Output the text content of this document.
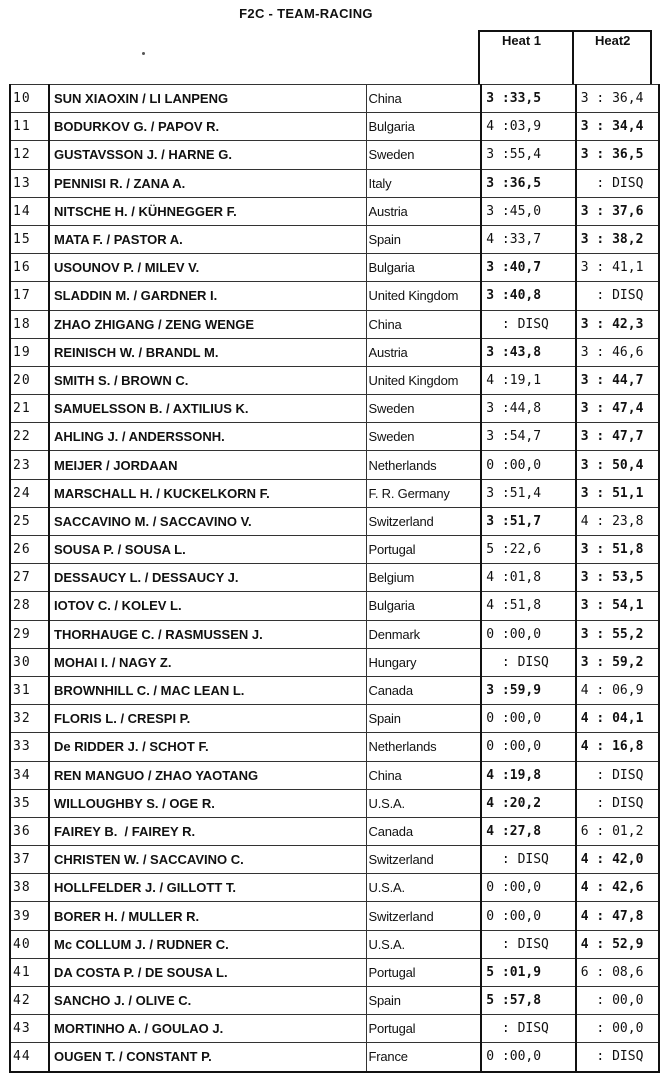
F2C - TEAM-RACING
Heat 1	Heat2
10	SUN XIAOXIN / LI LANPENG	China	3 :33,5	3 : 36,4
11	BODURKOV G. / PAPOV R.	Bulgaria	4 :03,9	3 : 34,4
12	GUSTAVSSON J. / HARNE G.	Sweden	3 :55,4	3 : 36,5
13	PENNISI R. / ZANA A.	Italy	3 :36,5	: DISQ
14	NITSCHE H. / KÜHNEGGER F.	Austria	3 :45,0	3 : 37,6
15	MATA F. / PASTOR A.	Spain	4 :33,7	3 : 38,2
16	USOUNOV P. / MILEV V.	Bulgaria	3 :40,7	3 : 41,1
17	SLADDIN M. / GARDNER I.	United Kingdom	3 :40,8	: DISQ
18	ZHAO ZHIGANG / ZENG WENGE	China	: DISQ	3 : 42,3
19	REINISCH W. / BRANDL M.	Austria	3 :43,8	3 : 46,6
20	SMITH S. / BROWN C.	United Kingdom	4 :19,1	3 : 44,7
21	SAMUELSSON B. / AXTILIUS K.	Sweden	3 :44,8	3 : 47,4
22	AHLING J. / ANDERSSONH.	Sweden	3 :54,7	3 : 47,7
23	MEIJER / JORDAAN	Netherlands	0 :00,0	3 : 50,4
24	MARSCHALL H. / KUCKELKORN F.	F. R. Germany	3 :51,4	3 : 51,1
25	SACCAVINO M. / SACCAVINO V.	Switzerland	3 :51,7	4 : 23,8
26	SOUSA P. / SOUSA L.	Portugal	5 :22,6	3 : 51,8
27	DESSAUCY L. / DESSAUCY J.	Belgium	4 :01,8	3 : 53,5
28	IOTOV C. / KOLEV L.	Bulgaria	4 :51,8	3 : 54,1
29	THORHAUGE C. / RASMUSSEN J.	Denmark	0 :00,0	3 : 55,2
30	MOHAI I. / NAGY Z.	Hungary	: DISQ	3 : 59,2
31	BROWNHILL C. / MAC LEAN L.	Canada	3 :59,9	4 : 06,9
32	FLORIS L. / CRESPI P.	Spain	0 :00,0	4 : 04,1
33	De RIDDER J. / SCHOT F.	Netherlands	0 :00,0	4 : 16,8
34	REN MANGUO / ZHAO YAOTANG	China	4 :19,8	: DISQ
35	WILLOUGHBY S. / OGE R.	U.S.A.	4 :20,2	: DISQ
36	FAIREY B.  / FAIREY R.	Canada	4 :27,8	6 : 01,2
37	CHRISTEN W. / SACCAVINO C.	Switzerland	: DISQ	4 : 42,0
38	HOLLFELDER J. / GILLOTT T.	U.S.A.	0 :00,0	4 : 42,6
39	BORER H. / MULLER R.	Switzerland	0 :00,0	4 : 47,8
40	Mc COLLUM J. / RUDNER C.	U.S.A.	: DISQ	4 : 52,9
41	DA COSTA P. / DE SOUSA L.	Portugal	5 :01,9	6 : 08,6
42	SANCHO J. / OLIVE C.	Spain	5 :57,8	: 00,0
43	MORTINHO A. / GOULAO J.	Portugal	: DISQ	: 00,0
44	OUGEN T. / CONSTANT P.	France	0 :00,0	: DISQ
